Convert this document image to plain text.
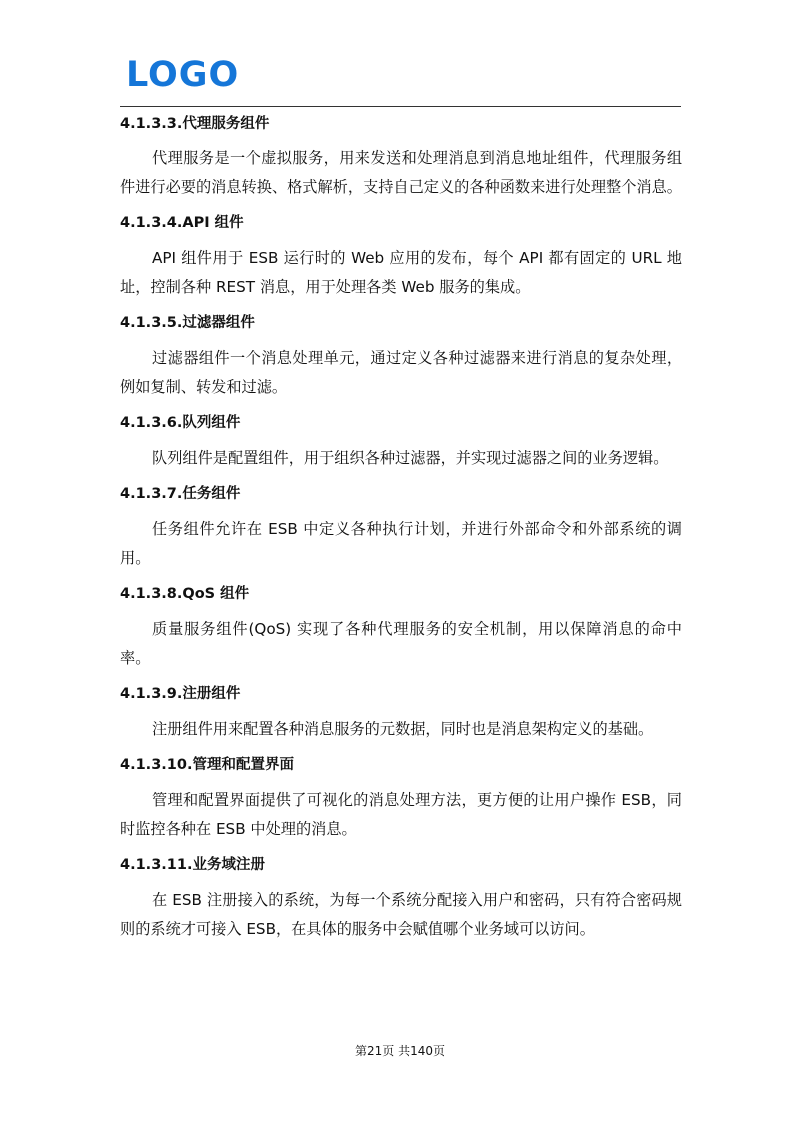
LOGO

4.1.3.3.代理服务组件

代理服务是一个虚拟服务，用来发送和处理消息到消息地址组件，代理服务组件进行必要的消息转换、格式解析，支持自己定义的各种函数来进行处理整个消息。

4.1.3.4.API 组件

API 组件用于 ESB 运行时的 Web 应用的发布，每个 API 都有固定的 URL 地址，控制各种 REST 消息，用于处理各类 Web 服务的集成。

4.1.3.5.过滤器组件

过滤器组件一个消息处理单元，通过定义各种过滤器来进行消息的复杂处理，例如复制、转发和过滤。

4.1.3.6.队列组件

队列组件是配置组件，用于组织各种过滤器，并实现过滤器之间的业务逻辑。

4.1.3.7.任务组件

任务组件允许在 ESB 中定义各种执行计划，并进行外部命令和外部系统的调用。

4.1.3.8.QoS 组件

质量服务组件(QoS) 实现了各种代理服务的安全机制，用以保障消息的命中率。

4.1.3.9.注册组件

注册组件用来配置各种消息服务的元数据，同时也是消息架构定义的基础。

4.1.3.10.管理和配置界面

管理和配置界面提供了可视化的消息处理方法，更方便的让用户操作 ESB，同时监控各种在 ESB 中处理的消息。

4.1.3.11.业务域注册

在 ESB 注册接入的系统，为每一个系统分配接入用户和密码，只有符合密码规则的系统才可接入 ESB，在具体的服务中会赋值哪个业务域可以访问。

第21页 共140页
